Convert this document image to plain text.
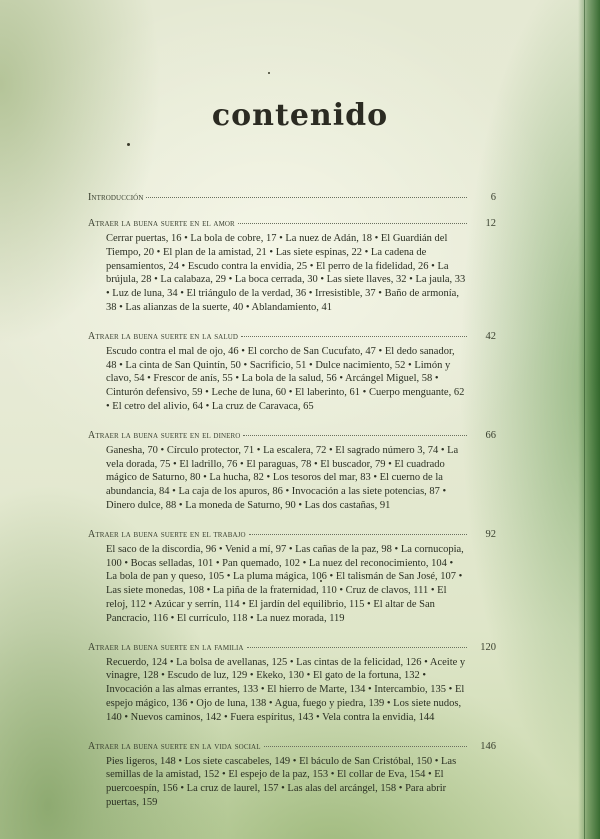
contenido
Introducción	6
Atraer la buena suerte en el amor	12
Cerrar puertas, 16 • La bola de cobre, 17 • La nuez de Adán, 18 • El Guardián del Tiempo, 20 • El plan de la amistad, 21 • Las siete espinas, 22 • La cadena de pensamientos, 24 • Escudo contra la envidia, 25 • El perro de la fidelidad, 26 • La brújula, 28 • La calabaza, 29 • La boca cerrada, 30 • Las siete llaves, 32 • La jaula, 33 • Luz de luna, 34 • El triángulo de la verdad, 36 • Irresistible, 37 • Baño de armonía, 38 • Las alianzas de la suerte, 40 • Ablandamiento, 41
Atraer la buena suerte en la salud	42
Escudo contra el mal de ojo, 46 • El corcho de San Cucufato, 47 • El dedo sanador, 48 • La cinta de San Quintín, 50 • Sacrificio, 51 • Dulce nacimiento, 52 • Limón y clavo, 54 • Frescor de anís, 55 • La bola de la salud, 56 • Arcángel Miguel, 58 • Cinturón defensivo, 59 • Leche de luna, 60 • El laberinto, 61 • Cuerpo menguante, 62 • El cetro del alivio, 64 • La cruz de Caravaca, 65
Atraer la buena suerte en el dinero	66
Ganesha, 70 • Círculo protector, 71 • La escalera, 72 • El sagrado número 3, 74 • La vela dorada, 75 • El ladrillo, 76 • El paraguas, 78 • El buscador, 79 • El cuadrado mágico de Saturno, 80 • La hucha, 82 • Los tesoros del mar, 83 • El cuerno de la abundancia, 84 • La caja de los apuros, 86 • Invocación a las siete potencias, 87 • Dinero dulce, 88 • La moneda de Saturno, 90 • Las dos castañas, 91
Atraer la buena suerte en el trabajo	92
El saco de la discordia, 96 • Venid a mí, 97 • Las cañas de la paz, 98 • La cornucopia, 100 • Bocas selladas, 101 • Pan quemado, 102 • La nuez del reconocimiento, 104 • La bola de pan y queso, 105 • La pluma mágica, 106 • El talismán de San José, 107 • Las siete monedas, 108 • La piña de la fraternidad, 110 • Cruz de clavos, 111 • El reloj, 112 • Azúcar y serrín, 114 • El jardín del equilibrio, 115 • El altar de San Pancracio, 116 • El currículo, 118 • La nuez morada, 119
Atraer la buena suerte en la familia	120
Recuerdo, 124 • La bolsa de avellanas, 125 • Las cintas de la felicidad, 126 • Aceite y vinagre, 128 • Escudo de luz, 129 • Ekeko, 130 • El gato de la fortuna, 132 • Invocación a las almas errantes, 133 • El hierro de Marte, 134 • Intercambio, 135 • El espejo mágico, 136 • Ojo de luna, 138 • Agua, fuego y piedra, 139 • Los siete nudos, 140 • Nuevos caminos, 142 • Fuera espíritus, 143 • Vela contra la envidia, 144
Atraer la buena suerte en la vida social	146
Pies ligeros, 148 • Los siete cascabeles, 149 • El báculo de San Cristóbal, 150 • Las semillas de la amistad, 152 • El espejo de la paz, 153 • El collar de Eva, 154 • El puercoespín, 156 • La cruz de laurel, 157 • Las alas del arcángel, 158 • Para abrir puertas, 159
